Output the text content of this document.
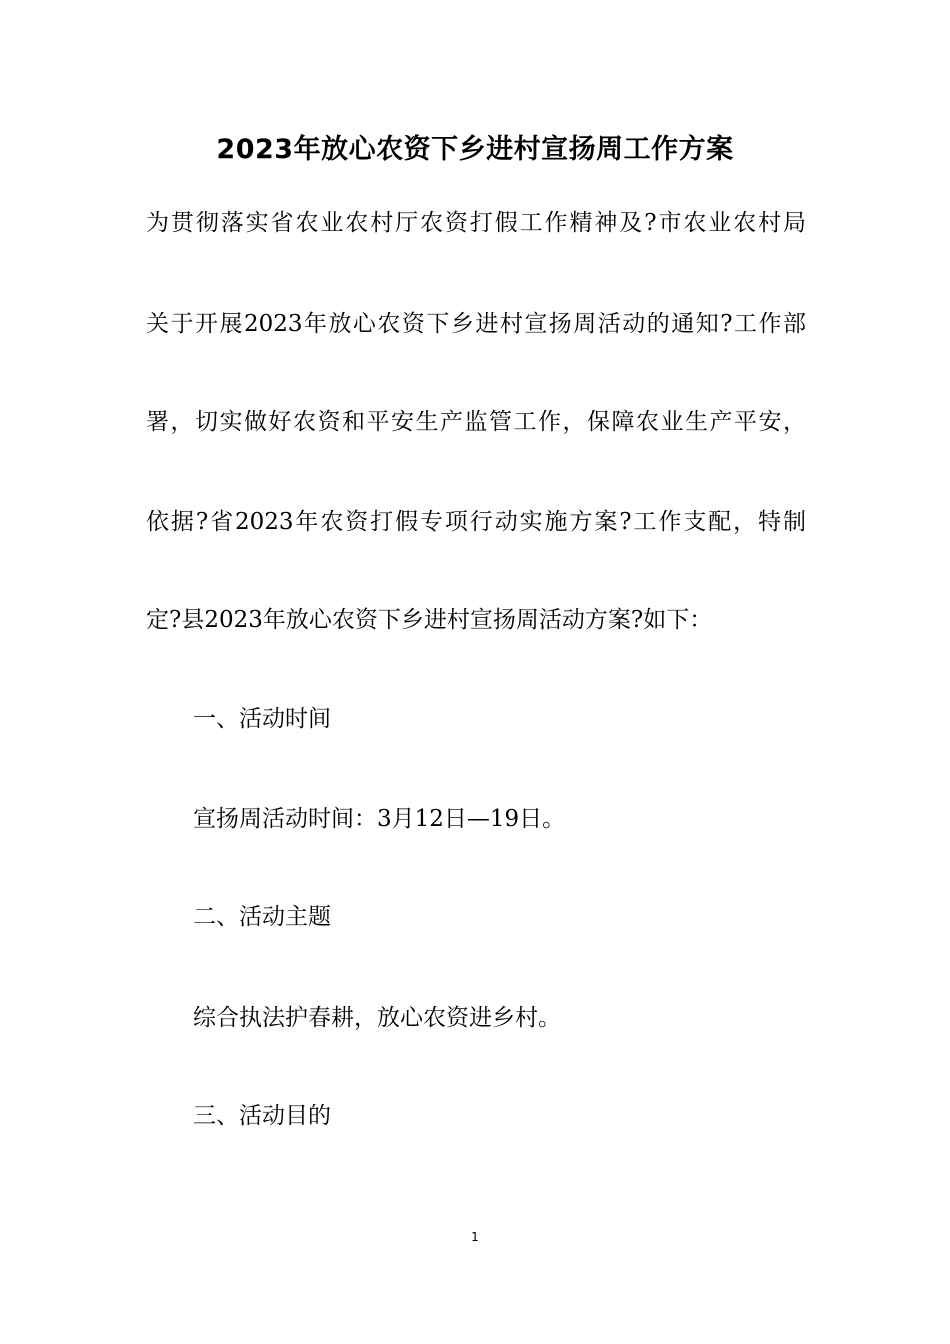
2023年放心农资下乡进村宣扬周工作方案
为贯彻落实省农业农村厅农资打假工作精神及?市农业农村局
关于开展2023年放心农资下乡进村宣扬周活动的通知?工作部
署，切实做好农资和平安生产监管工作，保障农业生产平安，
依据?省2023年农资打假专项行动实施方案?工作支配，特制
定?县2023年放心农资下乡进村宣扬周活动方案?如下：
一、活动时间
宣扬周活动时间：3月12日—19日。
二、活动主题
综合执法护春耕，放心农资进乡村。
三、活动目的
1
